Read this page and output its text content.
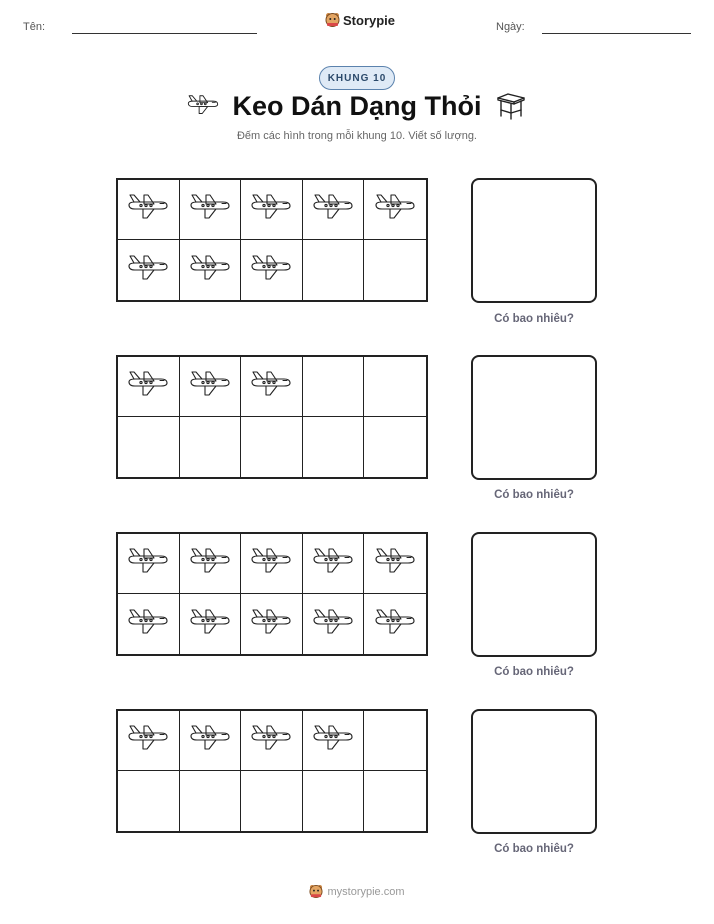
Tên:	Storypie	Ngày:
KHUNG 10
Keo Dán Dạng Thỏi
Đếm các hình trong mỗi khung 10. Viết số lượng.
Có bao nhiêu?
Có bao nhiêu?
Có bao nhiêu?
Có bao nhiêu?
mystorypie.com
